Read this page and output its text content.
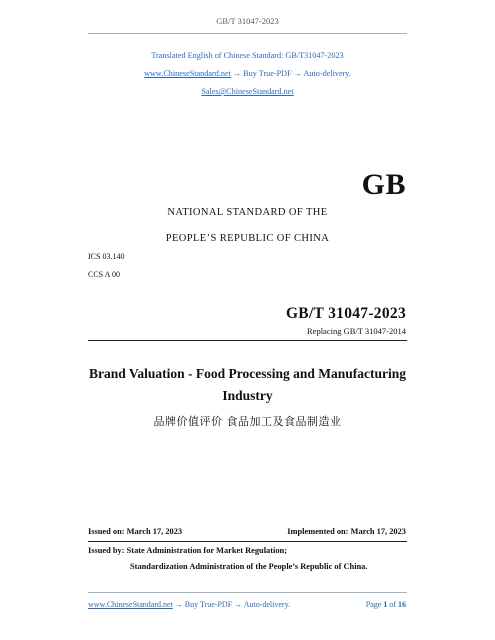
GB/T 31047-2023
Translated English of Chinese Standard: GB/T31047-2023
www.ChineseStandard.net → Buy True-PDF → Auto-delivery.
Sales@ChineseStandard.net
GB
NATIONAL STANDARD OF THE
PEOPLE’S REPUBLIC OF CHINA
ICS 03.140
CCS A 00
GB/T 31047-2023
Replacing GB/T 31047-2014
Brand Valuation - Food Processing and Manufacturing
Industry
品牌价值评价 食品加工及食品制造业
Issued on: March 17, 2023	Implemented on: March 17, 2023
Issued by: State Administration for Market Regulation;
Standardization Administration of the People’s Republic of China.
www.ChineseStandard.net → Buy True-PDF → Auto-delivery.	Page 1 of 16
